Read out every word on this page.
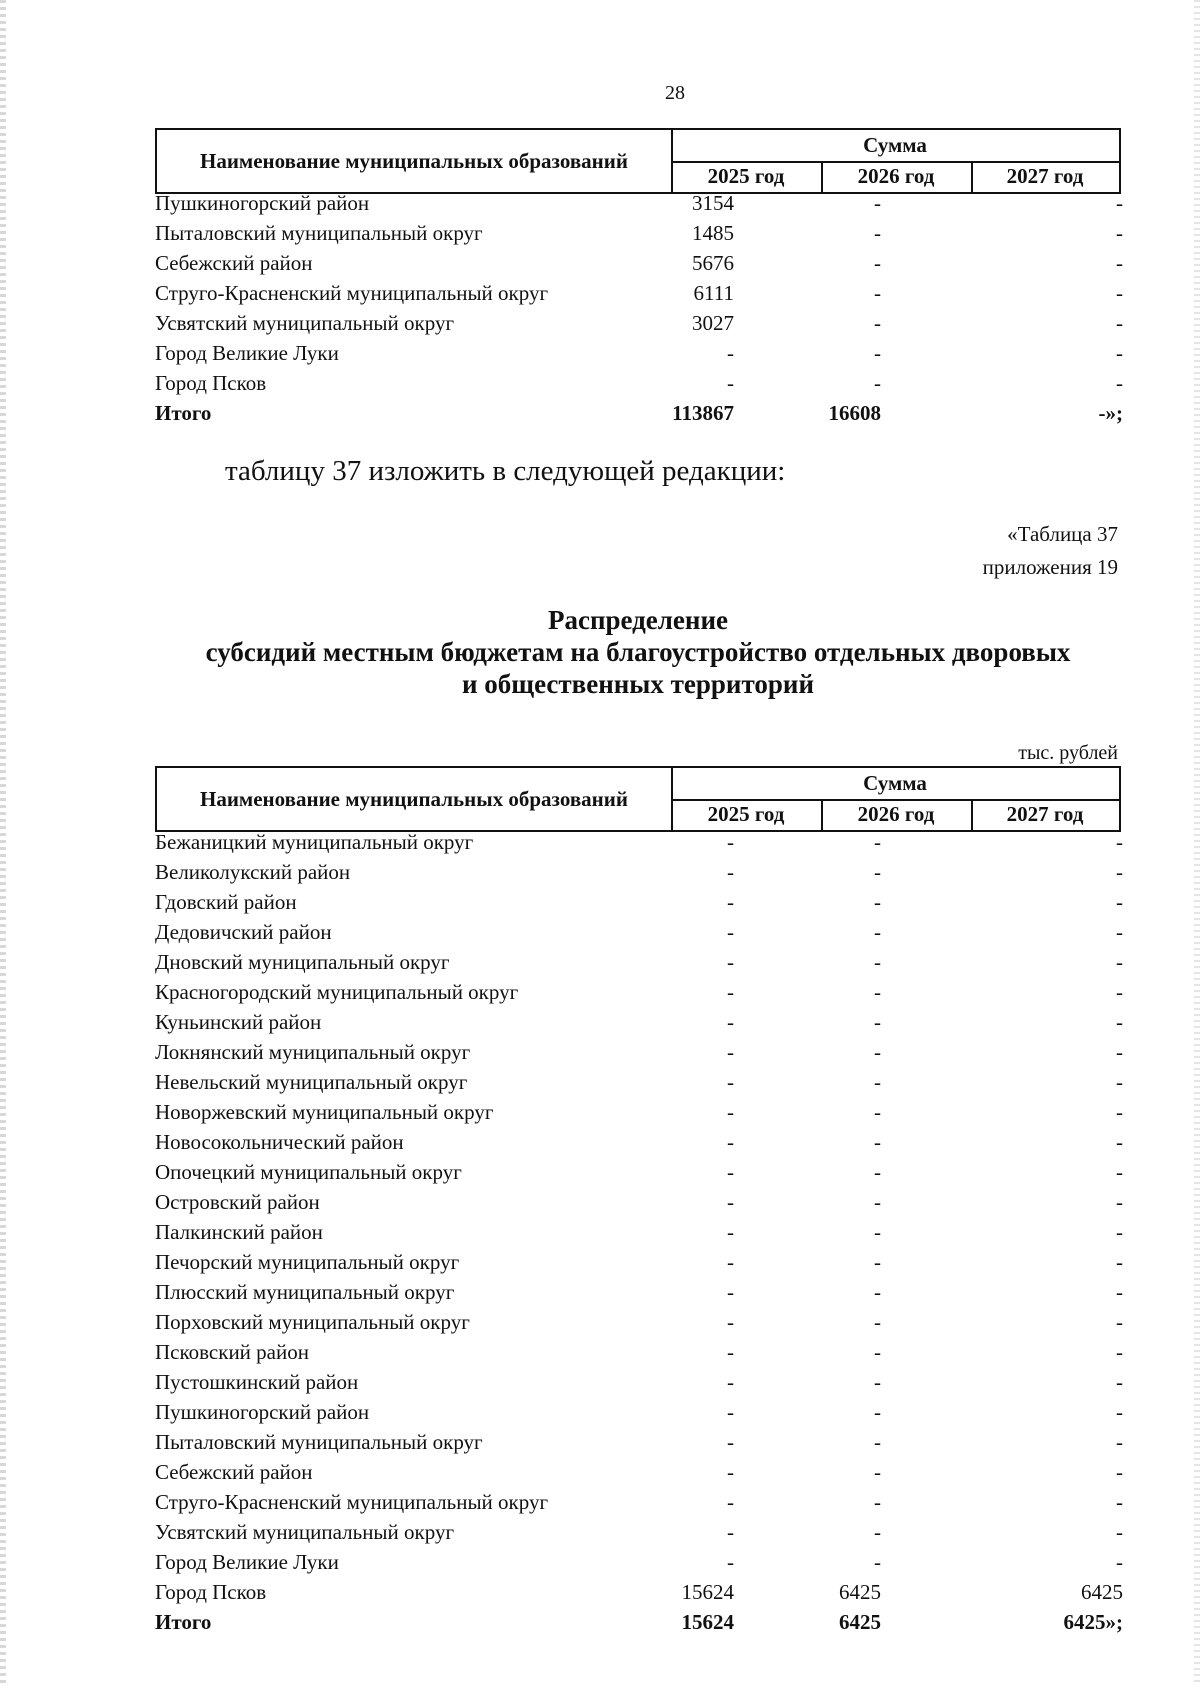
28
Наименование муниципальных образований
Сумма
2025 год	2026 год	2027 год
Пушкиногорский район	3154	-	-
Пыталовский муниципальный округ	1485	-	-
Себежский район	5676	-	-
Струго-Красненский муниципальный округ	6111	-	-
Усвятский муниципальный округ	3027	-	-
Город Великие Луки	-	-	-
Город Псков	-	-	-
Итого	113867	16608	-»;
таблицу 37 изложить в следующей редакции:
«Таблица 37
приложения 19
Распределение
субсидий местным бюджетам на благоустройство отдельных дворовых
и общественных территорий
тыс. рублей
Наименование муниципальных образований
Сумма
2025 год	2026 год	2027 год
Бежаницкий муниципальный округ	-	-	-
Великолукский район	-	-	-
Гдовский район	-	-	-
Дедовичский район	-	-	-
Дновский муниципальный округ	-	-	-
Красногородский муниципальный округ	-	-	-
Куньинский район	-	-	-
Локнянский муниципальный округ	-	-	-
Невельский муниципальный округ	-	-	-
Новоржевский муниципальный округ	-	-	-
Новосокольнический район	-	-	-
Опочецкий муниципальный округ	-	-	-
Островский район	-	-	-
Палкинский район	-	-	-
Печорский муниципальный округ	-	-	-
Плюсский муниципальный округ	-	-	-
Порховский муниципальный округ	-	-	-
Псковский район	-	-	-
Пустошкинский район	-	-	-
Пушкиногорский район	-	-	-
Пыталовский муниципальный округ	-	-	-
Себежский район	-	-	-
Струго-Красненский муниципальный округ	-	-	-
Усвятский муниципальный округ	-	-	-
Город Великие Луки	-	-	-
Город Псков	15624	6425	6425
Итого	15624	6425	6425»;
